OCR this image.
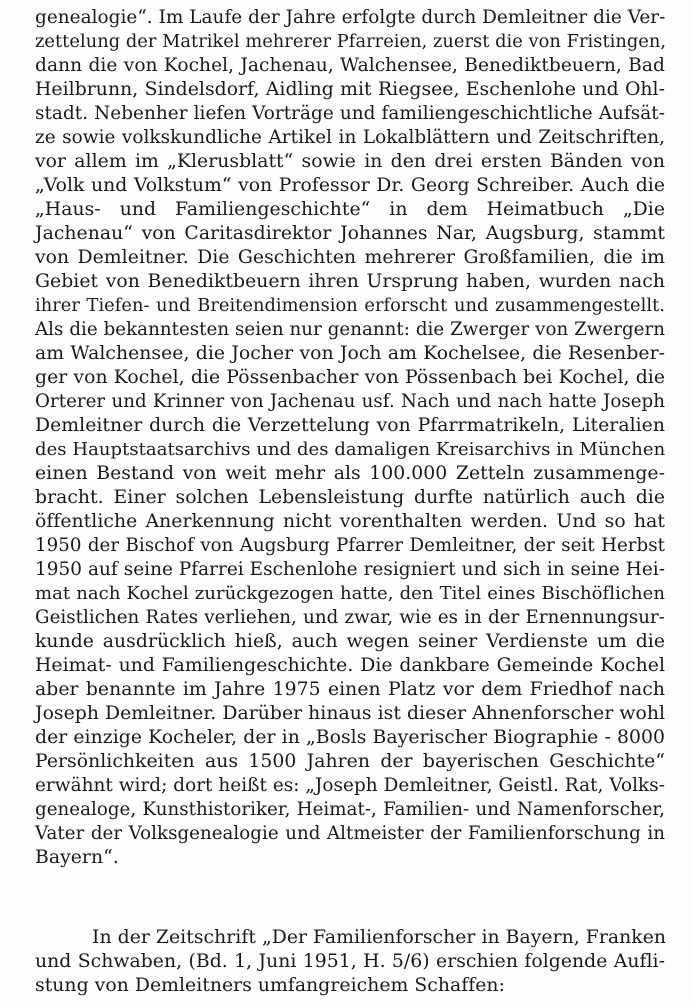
genealogie“. Im Laufe der Jahre erfolgte durch Demleitner die Ver-
zettelung der Matrikel mehrerer Pfarreien, zuerst die von Fristingen,
dann die von Kochel, Jachenau, Walchensee, Benediktbeuern, Bad
Heilbrunn, Sindelsdorf, Aidling mit Riegsee, Eschenlohe und Ohl-
stadt. Nebenher liefen Vorträge und familiengeschichtliche Aufsät-
ze sowie volkskundliche Artikel in Lokalblättern und Zeitschriften,
vor allem im „Klerusblatt“ sowie in den drei ersten Bänden von
„Volk und Volkstum“ von Professor Dr. Georg Schreiber. Auch die
„Haus- und Familiengeschichte“ in dem Heimatbuch „Die
Jachenau“ von Caritasdirektor Johannes Nar, Augsburg, stammt
von Demleitner. Die Geschichten mehrerer Großfamilien, die im
Gebiet von Benediktbeuern ihren Ursprung haben, wurden nach
ihrer Tiefen- und Breitendimension erforscht und zusammengestellt.
Als die bekanntesten seien nur genannt: die Zwerger von Zwergern
am Walchensee, die Jocher von Joch am Kochelsee, die Resenber-
ger von Kochel, die Pössenbacher von Pössenbach bei Kochel, die
Orterer und Krinner von Jachenau usf. Nach und nach hatte Joseph
Demleitner durch die Verzettelung von Pfarrmatrikeln, Literalien
des Hauptstaatsarchivs und des damaligen Kreisarchivs in München
einen Bestand von weit mehr als 100.000 Zetteln zusammenge-
bracht. Einer solchen Lebensleistung durfte natürlich auch die
öffentliche Anerkennung nicht vorenthalten werden. Und so hat
1950 der Bischof von Augsburg Pfarrer Demleitner, der seit Herbst
1950 auf seine Pfarrei Eschenlohe resigniert und sich in seine Hei-
mat nach Kochel zurückgezogen hatte, den Titel eines Bischöflichen
Geistlichen Rates verliehen, und zwar, wie es in der Ernennungsur-
kunde ausdrücklich hieß, auch wegen seiner Verdienste um die
Heimat- und Familiengeschichte. Die dankbare Gemeinde Kochel
aber benannte im Jahre 1975 einen Platz vor dem Friedhof nach
Joseph Demleitner. Darüber hinaus ist dieser Ahnenforscher wohl
der einzige Kocheler, der in „Bosls Bayerischer Biographie - 8000
Persönlichkeiten aus 1500 Jahren der bayerischen Geschichte“
erwähnt wird; dort heißt es: „Joseph Demleitner, Geistl. Rat, Volks-
genealoge, Kunsthistoriker, Heimat-, Familien- und Namenforscher,
Vater der Volksgenealogie und Altmeister der Familienforschung in
Bayern“.
In der Zeitschrift „Der Familienforscher in Bayern, Franken
und Schwaben, (Bd. 1, Juni 1951, H. 5/6) erschien folgende Aufli-
stung von Demleitners umfangreichem Schaffen:
